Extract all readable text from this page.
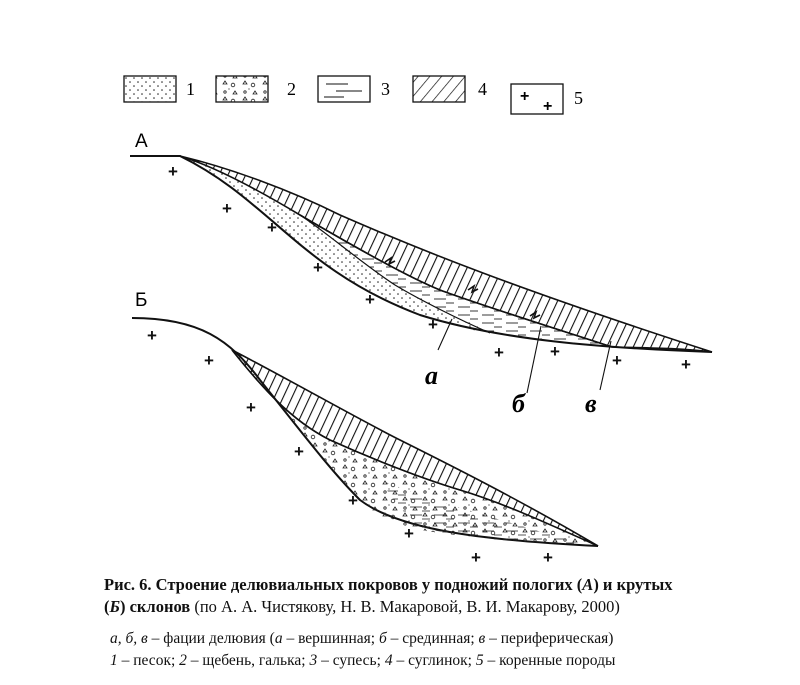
1	2	3	4 +
+ 5
А
+
+
+
+
+
+
+	+	+	+
а
б в
Б
+
+
+
+
+
+
+	+
Рис. 6. Строение делювиальных покровов у подножий пологих (А) и крутых
(Б) склонов (по А. А. Чистякову, Н. В. Макаровой, В. И. Макарову, 2000)
а, б, в – фации делювия (а – вершинная; б – срединная; в – периферическая)
1 – песок; 2 – щебень, галька; 3 – супесь; 4 – суглинок; 5 – коренные породы
